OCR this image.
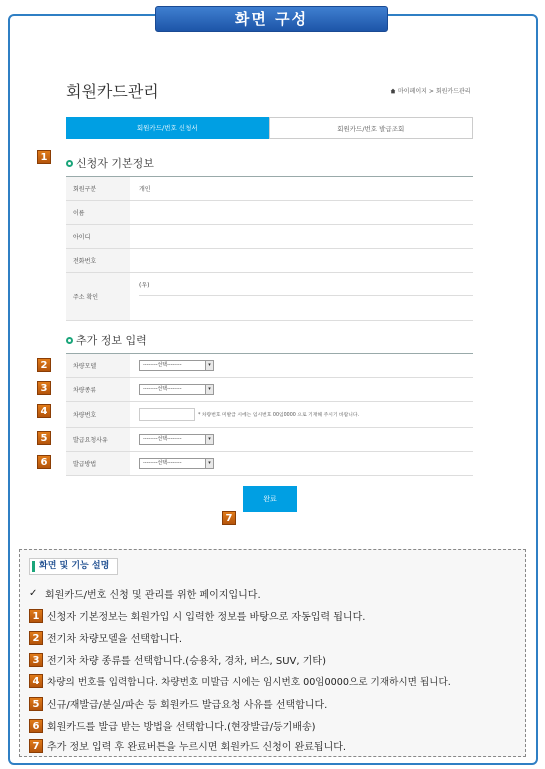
화면 구성
회원카드관리	마이페이지 > 회원카드관리
회원카드/번호 신청서	회원카드/번호 발급조회
1	신청자 기본정보
회원구분	개인
이름
아이디
전화번호
주소 확인
(우)
추가 정보 입력
2
3
4
5
6
차량모델	--------선택--------	▾
차량종류	--------선택--------	▾
차량번호	* 차량번호 미발급 시에는 임시번호 00임0000 으로 기재해 주시기 바랍니다.
발급요청사유	--------선택--------	▾
발급방법	--------선택--------	▾
완료
7
화면 및 기능 설명
✓ 회원카드/번호 신청 및 관리를 위한 페이지입니다.
1 신청자 기본정보는 회원가입 시 입력한 정보를 바탕으로 자동입력 됩니다.
2 전기차 차량모델을 선택합니다.
3 전기차 차량 종류를 선택합니다.(승용차, 경차, 버스, SUV, 기타)
4 차량의 번호를 입력합니다. 차량번호 미발급 시에는 임시번호 00임0000으로 기재하시면 됩니다.
5 신규/재발급/분실/파손 등 회원카드 발급요청 사유를 선택합니다.
6 회원카드를 발급 받는 방법을 선택합니다.(현장발급/등기배송)
7 추가 정보 입력 후 완료버튼을 누르시면 회원카드 신청이 완료됩니다.
